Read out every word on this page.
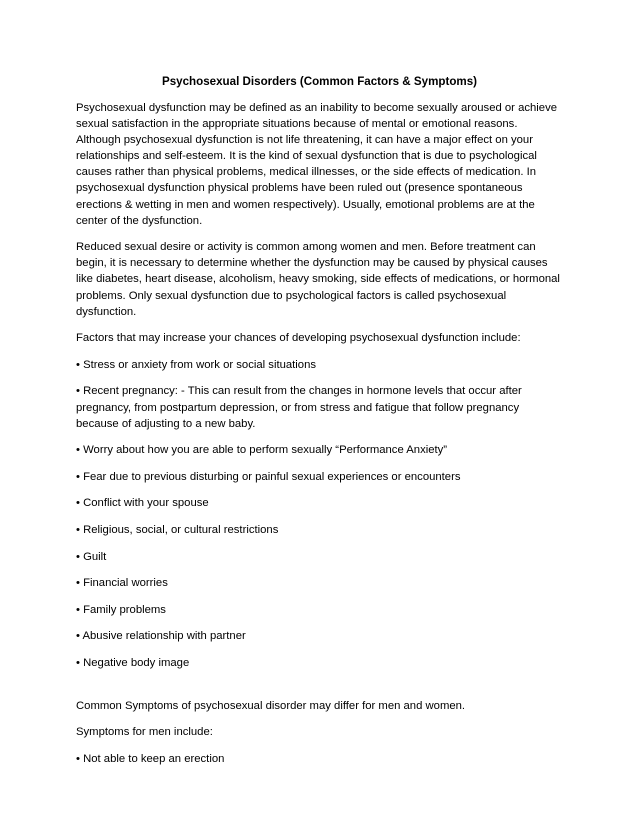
Psychosexual Disorders (Common Factors & Symptoms)

Psychosexual dysfunction may be defined as an inability to become sexually aroused or achieve sexual satisfaction in the appropriate situations because of mental or emotional reasons. Although psychosexual dysfunction is not life threatening, it can have a major effect on your relationships and self-esteem. It is the kind of sexual dysfunction that is due to psychological causes rather than physical problems, medical illnesses, or the side effects of medication. In psychosexual dysfunction physical problems have been ruled out (presence spontaneous erections & wetting in men and women respectively). Usually, emotional problems are at the center of the dysfunction.

Reduced sexual desire or activity is common among women and men. Before treatment can begin, it is necessary to determine whether the dysfunction may be caused by physical causes like diabetes, heart disease, alcoholism, heavy smoking, side effects of medications, or hormonal problems. Only sexual dysfunction due to psychological factors is called psychosexual dysfunction.

Factors that may increase your chances of developing psychosexual dysfunction include:

• Stress or anxiety from work or social situations

• Recent pregnancy: - This can result from the changes in hormone levels that occur after pregnancy, from postpartum depression, or from stress and fatigue that follow pregnancy because of adjusting to a new baby.

• Worry about how you are able to perform sexually “Performance Anxiety”

• Fear due to previous disturbing or painful sexual experiences or encounters

• Conflict with your spouse

• Religious, social, or cultural restrictions

• Guilt

• Financial worries

• Family problems

• Abusive relationship with partner

• Negative body image

Common Symptoms of psychosexual disorder may differ for men and women.

Symptoms for men include:

• Not able to keep an erection
